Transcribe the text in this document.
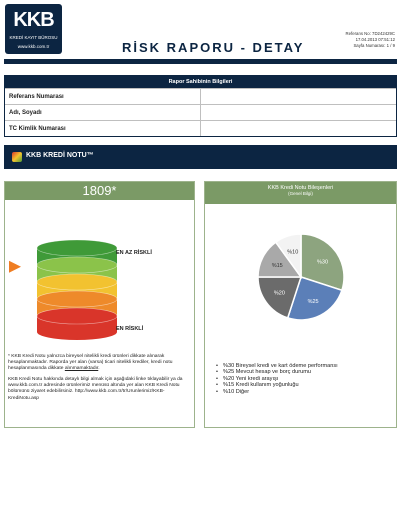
KKB
KREDİ KAYIT BÜROSU
www.kkb.com.tr	RİSK RAPORU - DETAY
Referans No: 7D242429C
17.04.2013 07:51:12
Sayfa Numarası: 1 / 9
Rapor Sahibinin Bilgileri
Referans Numarası
Adı, Soyadı
TC Kimlik Numarası
KKB KREDİ NOTU™
1809*
EN AZ RİSKLİ
EN RİSKLİ

* KKB Kredi Notu yalnızca bireysel nitelikli kredi ürünleri dikkate alınarak hesaplanmaktadır. Raporda yer alan (varsa) ticari nitelikli krediler, kredi notu hesaplanmasında dikkate alınmamaktadır.

KKB Kredi Notu hakkında detaylı bilgi almak için aşağıdaki linke tıklayabilir ya da www.kkb.com.tr adresinde ürünlerimiz menüsü altında yer alan KKB Kredi Notu bölümünü ziyaret edebilirsiniz. http://www.kkb.com.tr/tr/Urunlerimiz/KKB-KrediNotu.asp

KKB Kredi Notu Bileşenleri
(Genel Bilgi)
%30
%25
%20
%15
%10
• %30 Bireysel kredi ve kart ödeme performansı
• %25 Mevcut hesap ve borç durumu
• %20 Yeni kredi arayışı
• %15 Kredi kullanım yoğunluğu
• %10 Diğer
